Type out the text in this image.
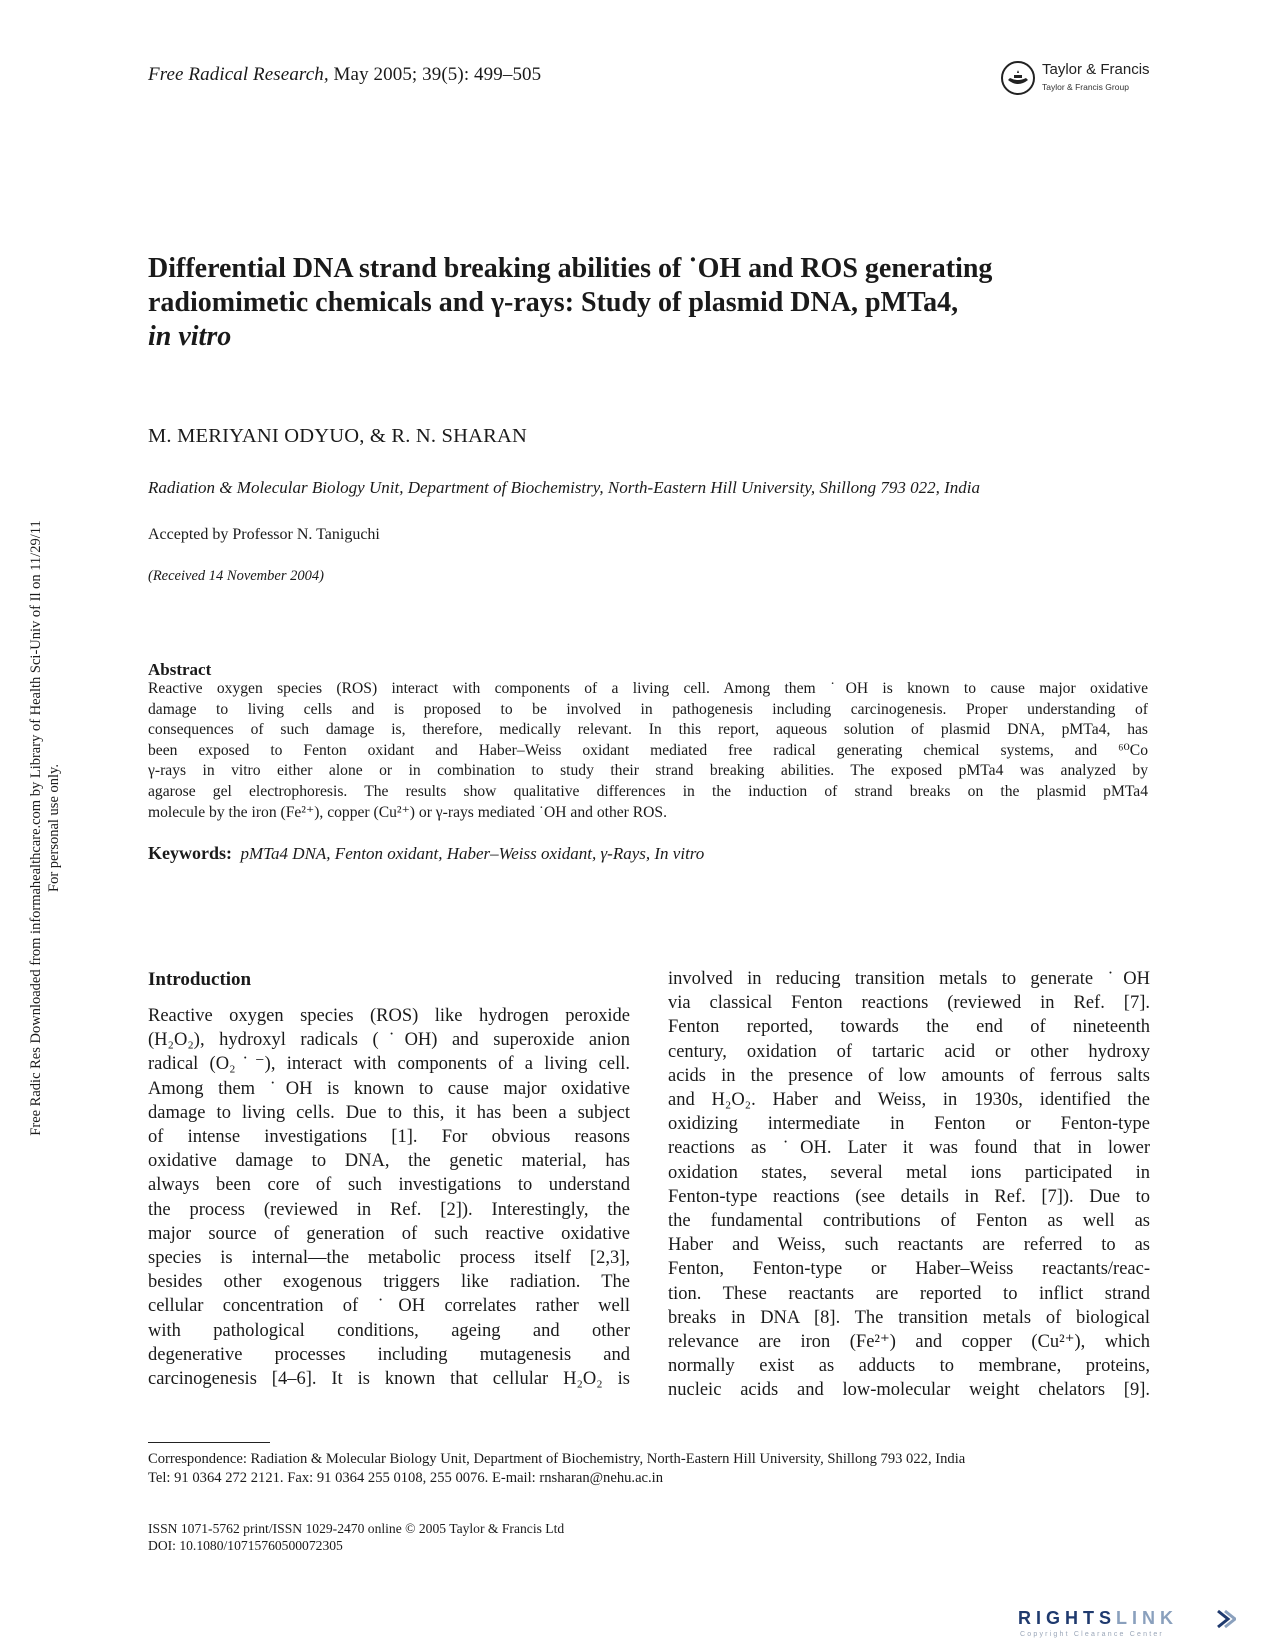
Free Radical Research, May 2005; 39(5): 499–505	Taylor & Francis
Taylor & Francis Group
Differential DNA strand breaking abilities of ˙OH and ROS generating
radiomimetic chemicals and γ-rays: Study of plasmid DNA, pMTa4,
in vitro
M. MERIYANI ODYUO, & R. N. SHARAN
Radiation & Molecular Biology Unit, Department of Biochemistry, North-Eastern Hill University, Shillong 793 022, India
Accepted by Professor N. Taniguchi
(Received 14 November 2004)
Abstract
Reactive oxygen species (ROS) interact with components of a living cell. Among them ˙OH is known to cause major oxidative
damage to living cells and is proposed to be involved in pathogenesis including carcinogenesis. Proper understanding of
consequences of such damage is, therefore, medically relevant. In this report, aqueous solution of plasmid DNA, pMTa4, has
been exposed to Fenton oxidant and Haber–Weiss oxidant mediated free radical generating chemical systems, and ⁶⁰Co
γ-rays in vitro either alone or in combination to study their strand breaking abilities. The exposed pMTa4 was analyzed by
agarose gel electrophoresis. The results show qualitative differences in the induction of strand breaks on the plasmid pMTa4
molecule by the iron (Fe²⁺), copper (Cu²⁺) or γ-rays mediated ˙OH and other ROS.
Keywords: pMTa4 DNA, Fenton oxidant, Haber–Weiss oxidant, γ-Rays, In vitro
Introduction
Reactive oxygen species (ROS) like hydrogen peroxide
(H₂O₂), hydroxyl radicals (˙OH) and superoxide anion
radical (O₂˙⁻), interact with components of a living cell.
Among them ˙OH is known to cause major oxidative
damage to living cells. Due to this, it has been a subject
of intense investigations [1]. For obvious reasons
oxidative damage to DNA, the genetic material, has
always been core of such investigations to understand
the process (reviewed in Ref. [2]). Interestingly, the
major source of generation of such reactive oxidative
species is internal—the metabolic process itself [2,3],
besides other exogenous triggers like radiation. The
cellular concentration of ˙OH correlates rather well
with pathological conditions, ageing and other
degenerative processes including mutagenesis and
carcinogenesis [4–6]. It is known that cellular H₂O₂ is
involved in reducing transition metals to generate ˙OH
via classical Fenton reactions (reviewed in Ref. [7].
Fenton reported, towards the end of nineteenth
century, oxidation of tartaric acid or other hydroxy
acids in the presence of low amounts of ferrous salts
and H₂O₂. Haber and Weiss, in 1930s, identified the
oxidizing intermediate in Fenton or Fenton-type
reactions as ˙OH. Later it was found that in lower
oxidation states, several metal ions participated in
Fenton-type reactions (see details in Ref. [7]). Due to
the fundamental contributions of Fenton as well as
Haber and Weiss, such reactants are referred to as
Fenton, Fenton-type or Haber–Weiss reactants/reac-
tion. These reactants are reported to inflict strand
breaks in DNA [8]. The transition metals of biological
relevance are iron (Fe²⁺) and copper (Cu²⁺), which
normally exist as adducts to membrane, proteins,
nucleic acids and low-molecular weight chelators [9].
Correspondence: Radiation & Molecular Biology Unit, Department of Biochemistry, North-Eastern Hill University, Shillong 793 022, India
Tel: 91 0364 272 2121. Fax: 91 0364 255 0108, 255 0076. E-mail: rnsharan@nehu.ac.in
ISSN 1071-5762 print/ISSN 1029-2470 online © 2005 Taylor & Francis Ltd
DOI: 10.1080/10715760500072305
Free Radic Res Downloaded from informahealthcare.com by Library of Health Sci-Univ of Il on 11/29/11 For personal use only.
RIGHTSLINK
Copyright Clearance Center
